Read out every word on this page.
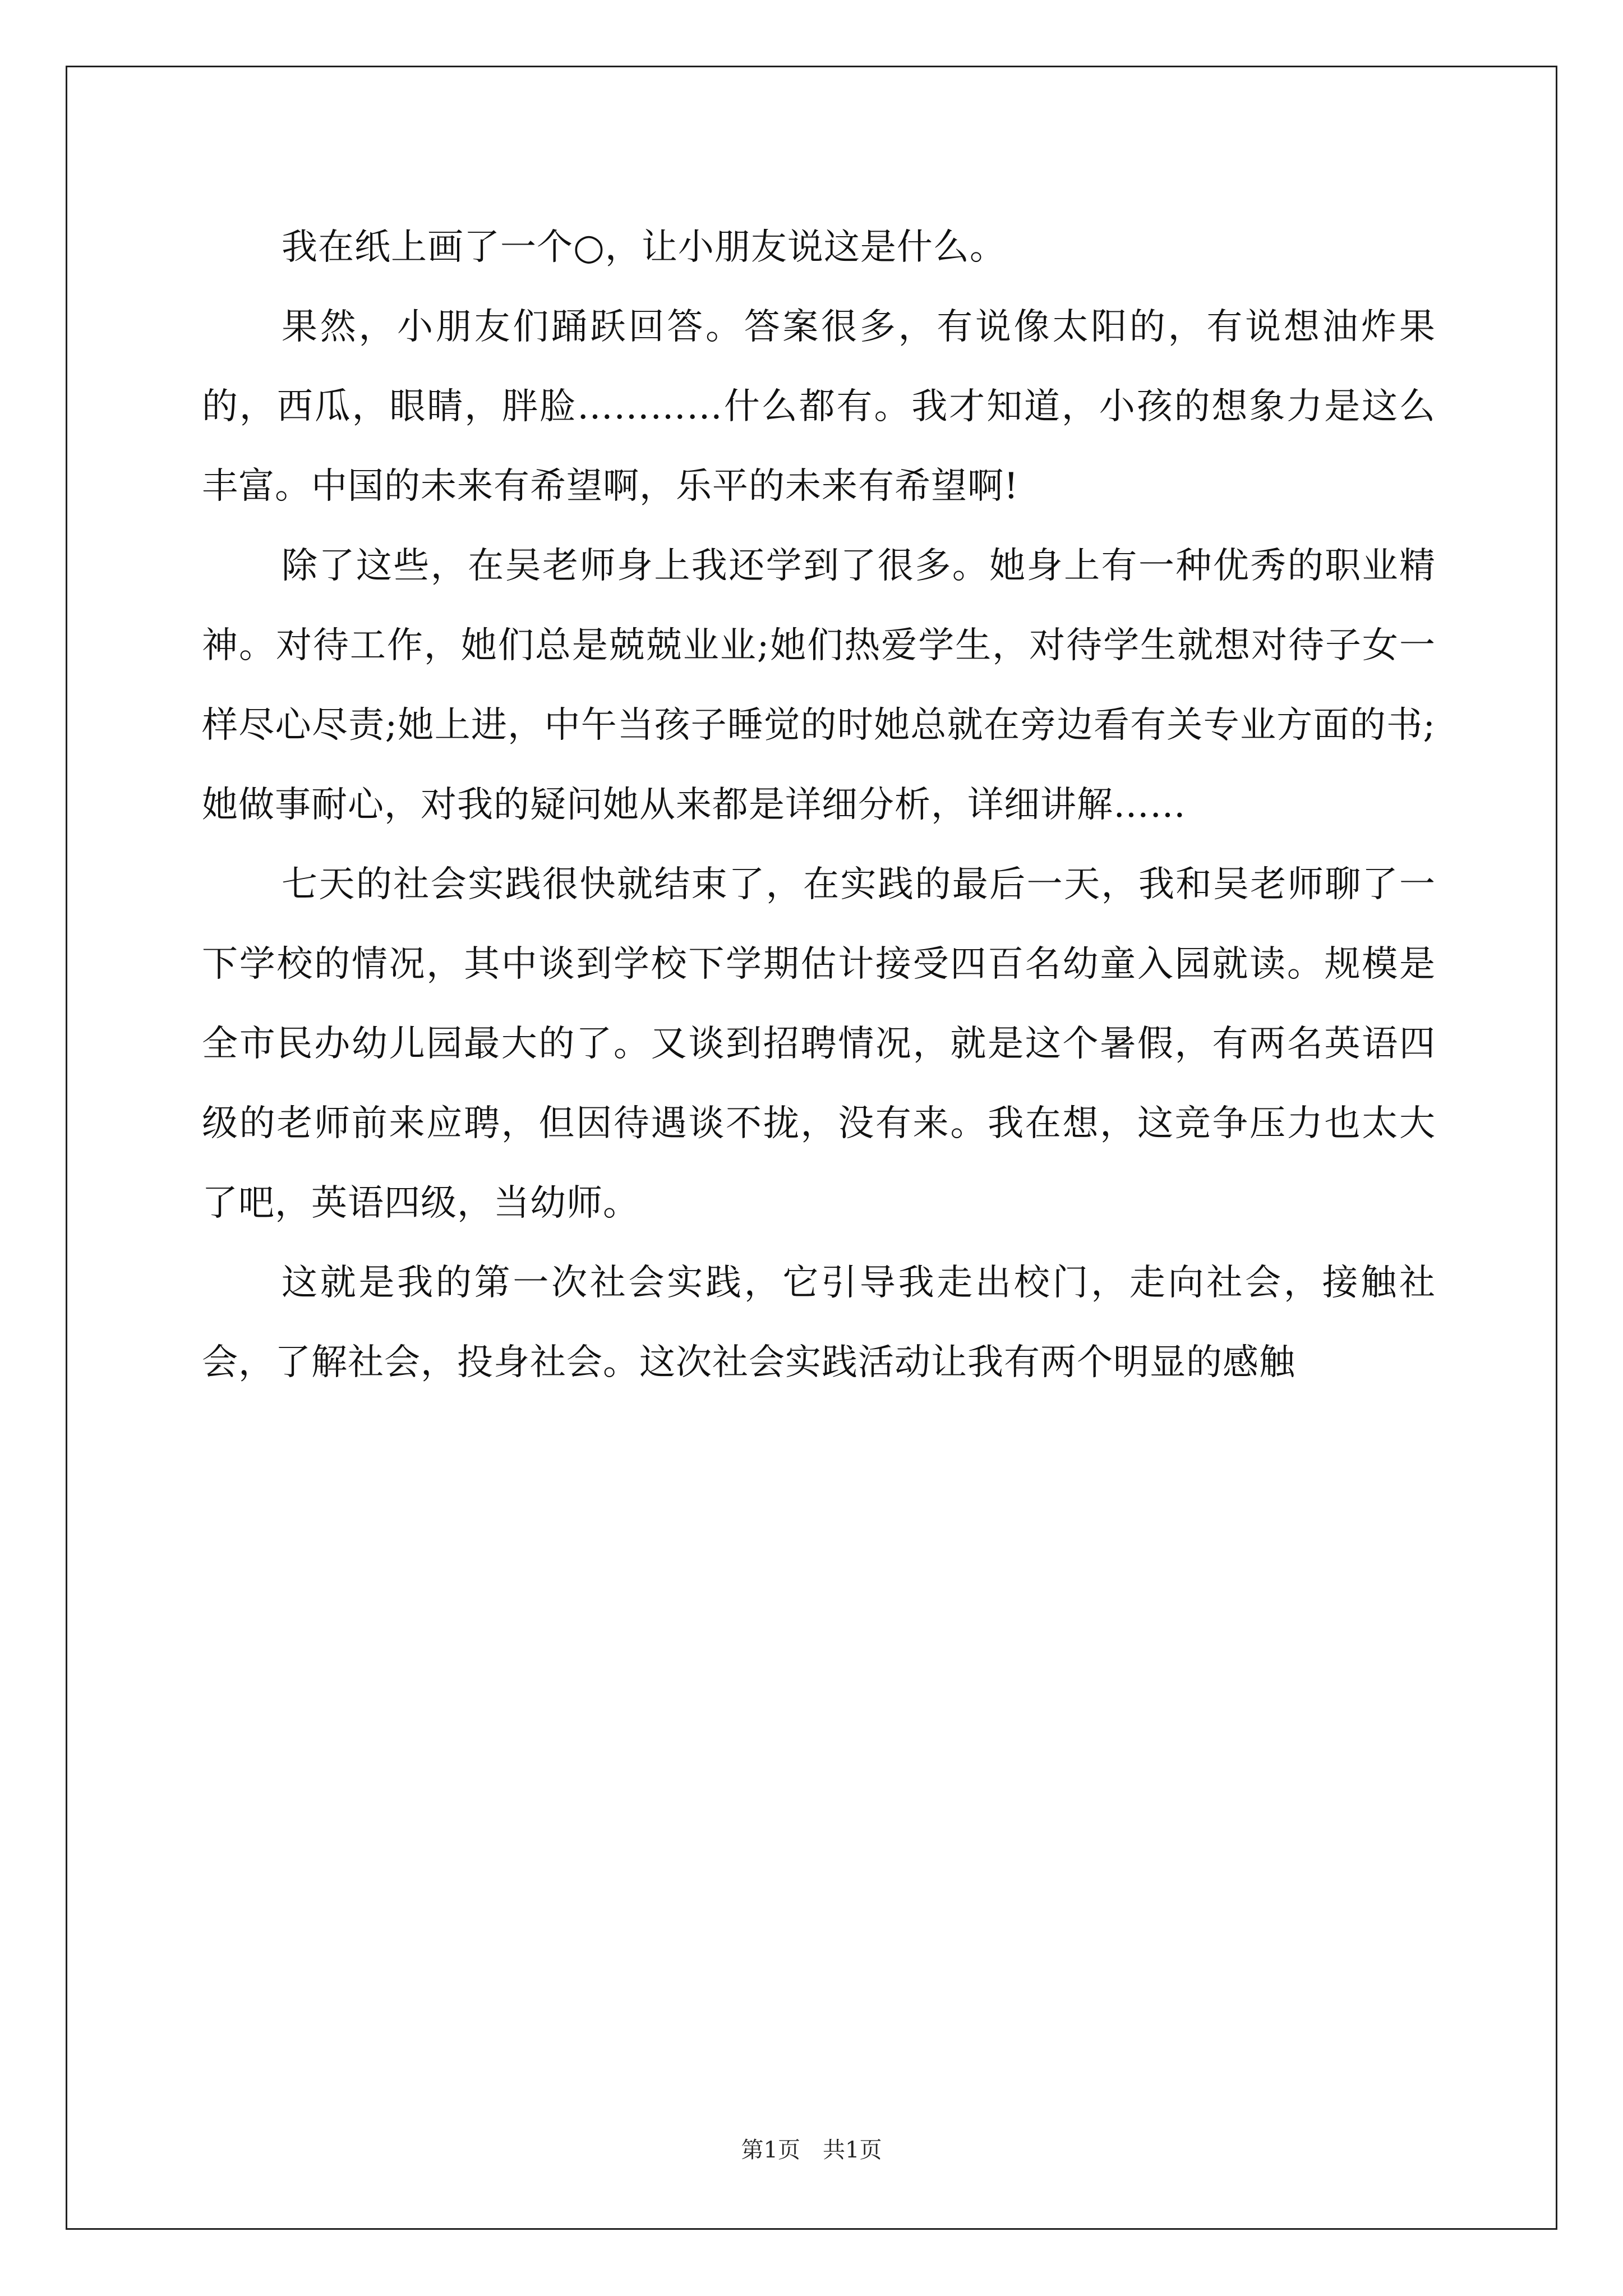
我在纸上画了一个○，让小朋友说这是什么。

果然，小朋友们踊跃回答。答案很多，有说像太阳的，有说想油炸果的，西瓜，眼睛，胖脸…………什么都有。我才知道，小孩的想象力是这么丰富。中国的未来有希望啊，乐平的未来有希望啊!

除了这些，在吴老师身上我还学到了很多。她身上有一种优秀的职业精神。对待工作，她们总是兢兢业业;她们热爱学生，对待学生就想对待子女一样尽心尽责;她上进，中午当孩子睡觉的时她总就在旁边看有关专业方面的书;她做事耐心，对我的疑问她从来都是详细分析，详细讲解……

七天的社会实践很快就结束了，在实践的最后一天，我和吴老师聊了一下学校的情况，其中谈到学校下学期估计接受四百名幼童入园就读。规模是全市民办幼儿园最大的了。又谈到招聘情况，就是这个暑假，有两名英语四级的老师前来应聘，但因待遇谈不拢，没有来。我在想，这竞争压力也太大了吧，英语四级，当幼师。

这就是我的第一次社会实践，它引导我走出校门，走向社会，接触社会，了解社会，投身社会。这次社会实践活动让我有两个明显的感触

第1页　共1页
